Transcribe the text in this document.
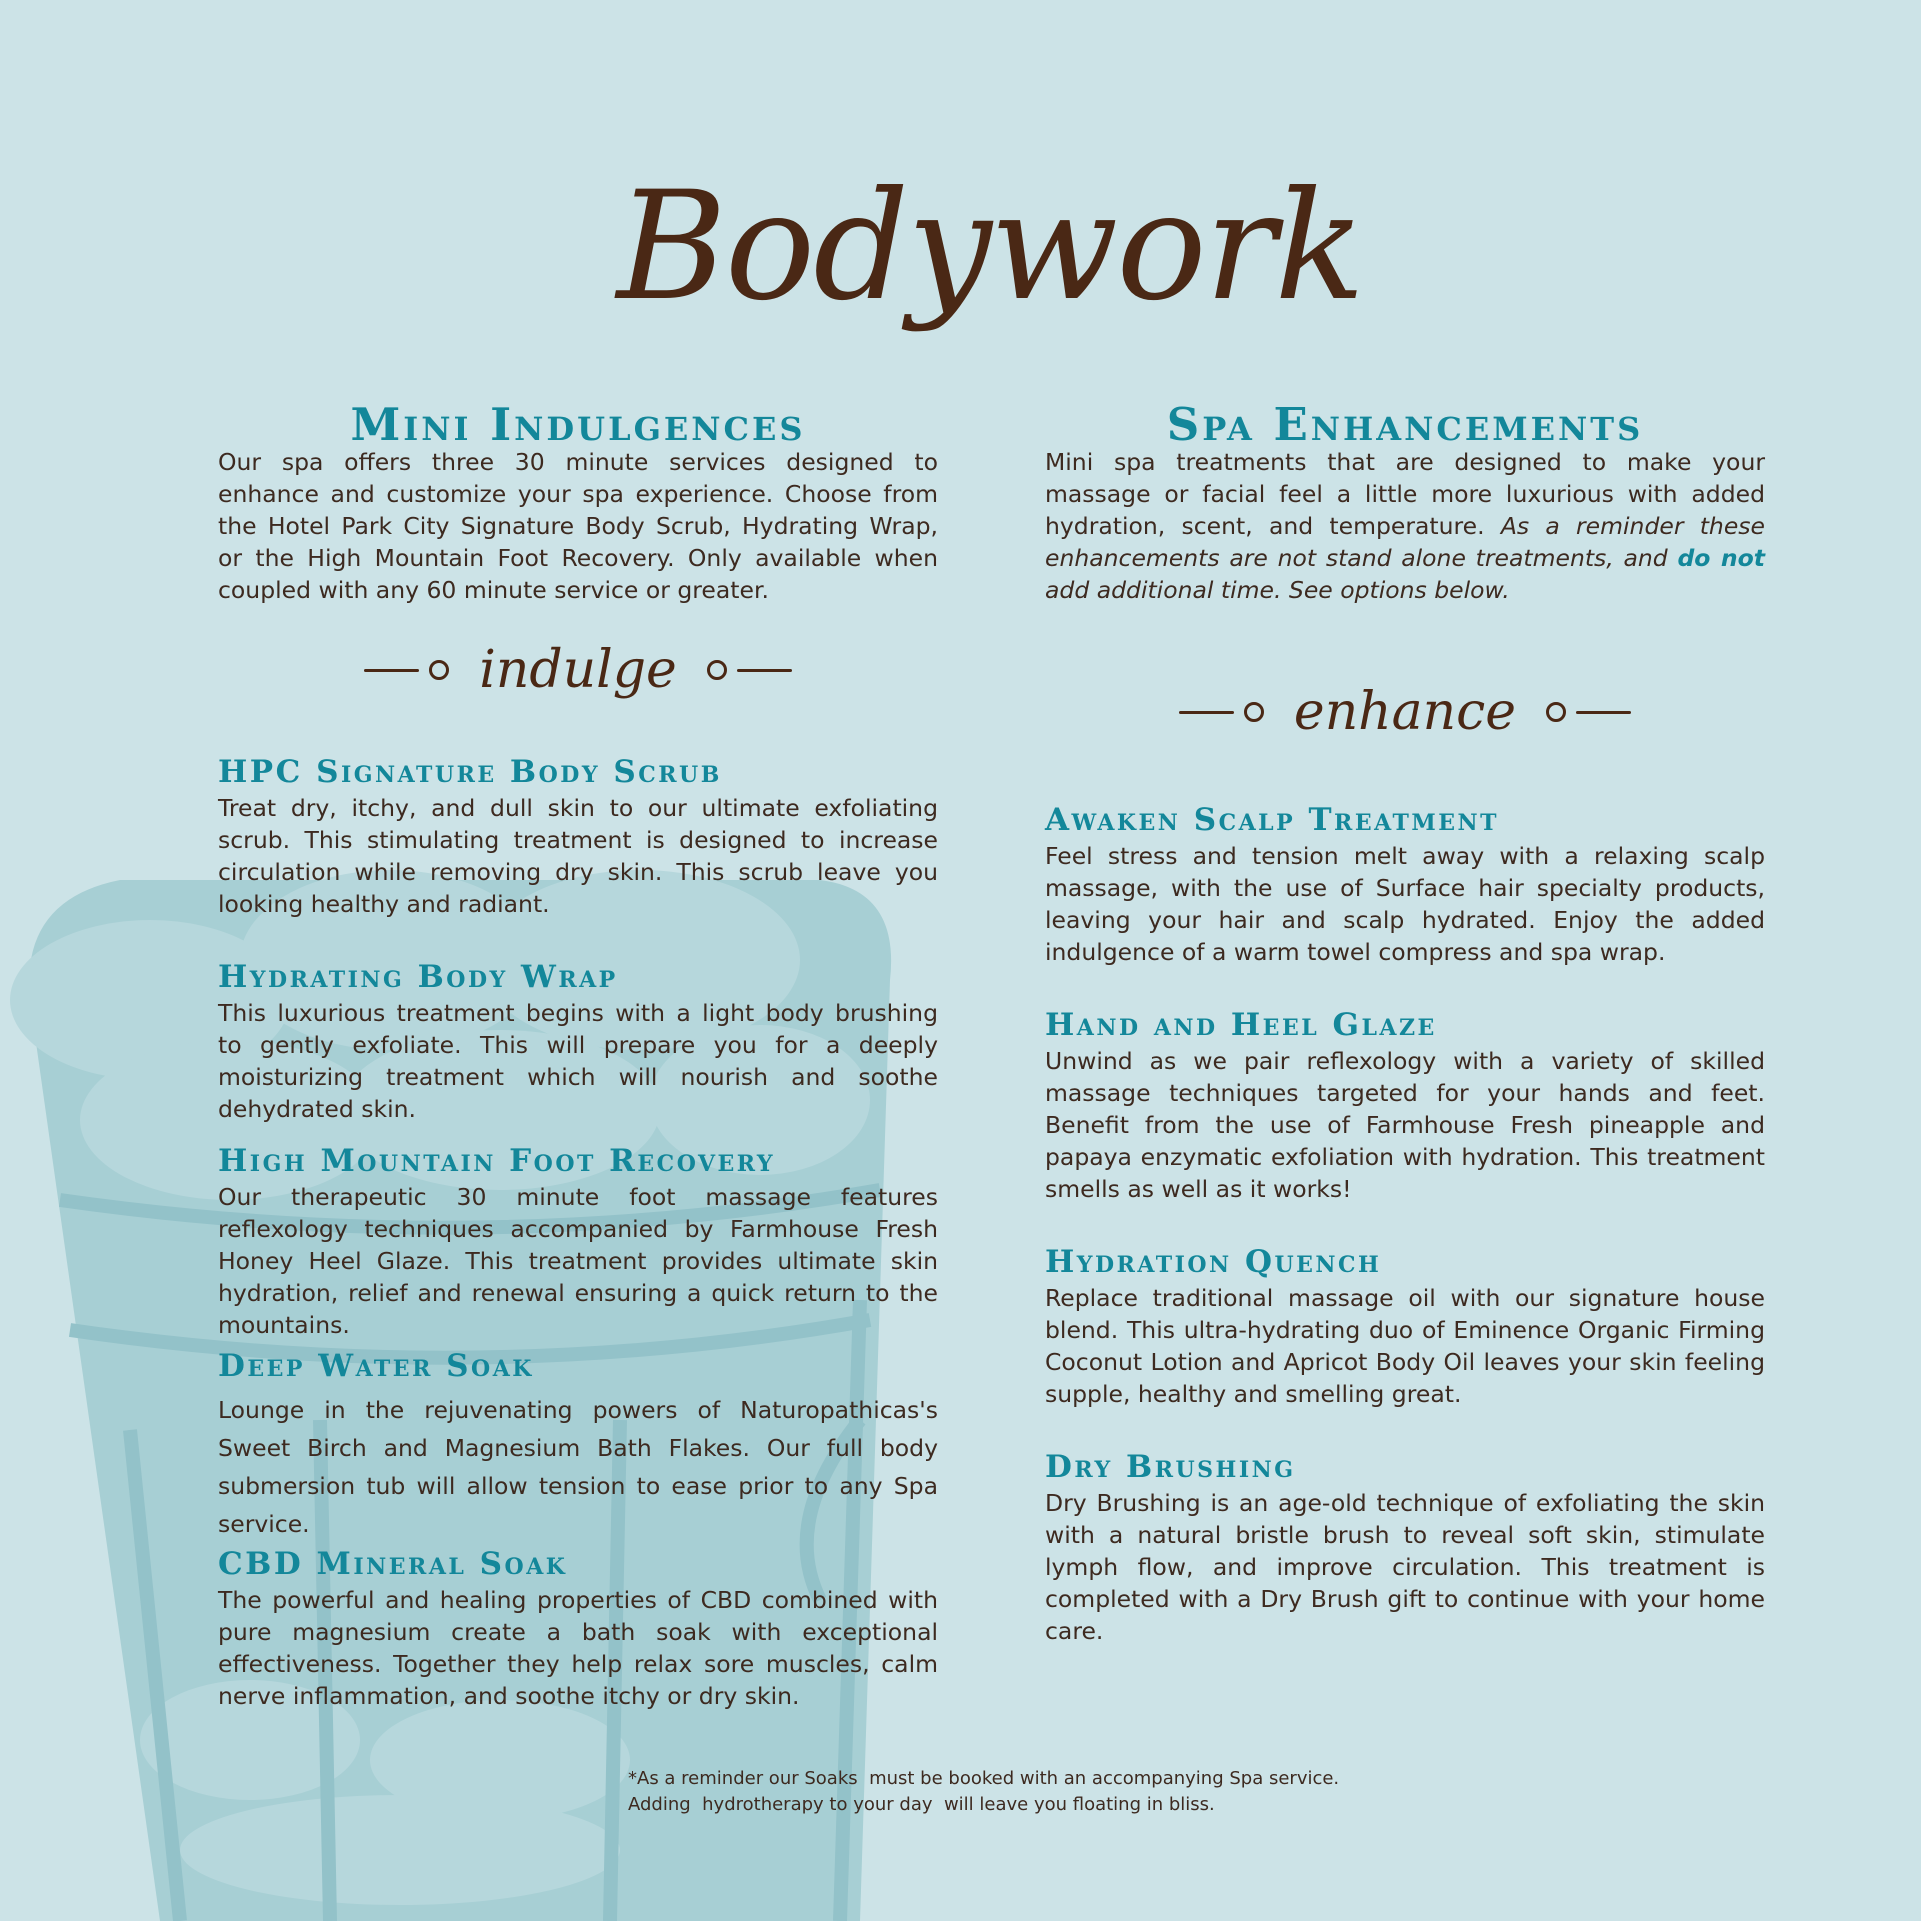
Bodywork
Mini Indulgences
Our spa offers three 30 minute services designed to enhance and customize your spa experience. Choose from the Hotel Park City Signature Body Scrub, Hydrating Wrap, or the High Mountain Foot Recovery. Only available when coupled with any 60 minute service or greater.
indulge
HPC Signature Body Scrub
Treat dry, itchy, and dull skin to our ultimate exfoliating scrub. This stimulating treatment is designed to increase circulation while removing dry skin. This scrub leave you looking healthy and radiant.
Hydrating Body Wrap
This luxurious treatment begins with a light body brushing to gently exfoliate. This will prepare you for a deeply moisturizing treatment which will nourish and soothe dehydrated skin.
High Mountain Foot Recovery
Our therapeutic 30 minute foot massage features reflexology techniques accompanied by Farmhouse Fresh Honey Heel Glaze. This treatment provides ultimate skin hydration, relief and renewal ensuring a quick return to the mountains.
Deep Water Soak
Lounge in the rejuvenating powers of Naturopathicas's Sweet Birch and Magnesium Bath Flakes. Our full body submersion tub will allow tension to ease prior to any Spa service.
CBD Mineral Soak
The powerful and healing properties of CBD combined with pure magnesium create a bath soak with exceptional effectiveness. Together they help relax sore muscles, calm nerve inflammation, and soothe itchy or dry skin.
Spa Enhancements
Mini spa treatments that are designed to make your massage or facial feel a little more luxurious with added hydration, scent, and temperature. As a reminder these enhancements are not stand alone treatments, and do not add additional time. See options below.
enhance
Awaken Scalp Treatment
Feel stress and tension melt away with a relaxing scalp massage, with the use of Surface hair specialty products, leaving your hair and scalp hydrated. Enjoy the added indulgence of a warm towel compress and spa wrap.
Hand and Heel Glaze
Unwind as we pair reflexology with a variety of skilled massage techniques targeted for your hands and feet. Benefit from the use of Farmhouse Fresh pineapple and papaya enzymatic exfoliation with hydration. This treatment smells as well as it works!
Hydration Quench
Replace traditional massage oil with our signature house blend. This ultra-hydrating duo of Eminence Organic Firming Coconut Lotion and Apricot Body Oil leaves your skin feeling supple, healthy and smelling great.
Dry Brushing
Dry Brushing is an age-old technique of exfoliating the skin with a natural bristle brush to reveal soft skin, stimulate lymph flow, and improve circulation. This treatment is completed with a Dry Brush gift to continue with your home care.
*As a reminder our Soaks  must be booked with an accompanying Spa service.
Adding  hydrotherapy to your day  will leave you floating in bliss.
